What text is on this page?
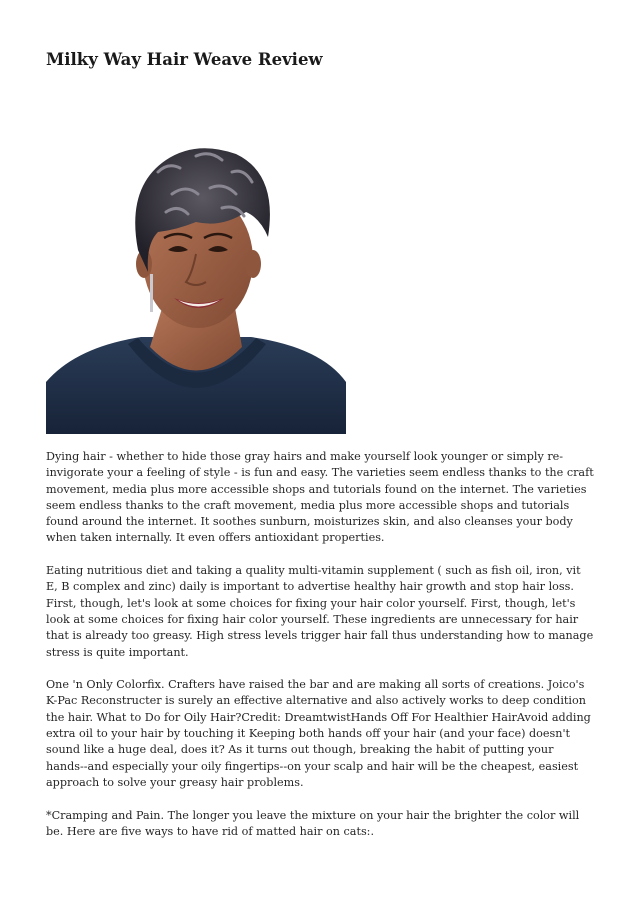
Milky Way Hair Weave Review

Dying hair - whether to hide those gray hairs and make yourself look younger or simply re-invigorate your a feeling of style - is fun and easy. The varieties seem endless thanks to the craft movement, media plus more accessible shops and tutorials found on the internet. The varieties seem endless thanks to the craft movement, media plus more accessible shops and tutorials found around the internet. It soothes sunburn, moisturizes skin, and also cleanses your body when taken internally. It even offers antioxidant properties.

Eating nutritious diet and taking a quality multi-vitamin supplement ( such as fish oil, iron, vit E, B complex and zinc) daily is important to advertise healthy hair growth and stop hair loss. First, though, let's look at some choices for fixing your hair color yourself. First, though, let's look at some choices for fixing hair color yourself. These ingredients are unnecessary for hair that is already too greasy. High stress levels trigger hair fall thus understanding how to manage stress is quite important.

One 'n Only Colorfix. Crafters have raised the bar and are making all sorts of creations. Joico's K-Pac Reconstructer is surely an effective alternative and also actively works to deep condition the hair. What to Do for Oily Hair?Credit: DreamtwistHands Off For Healthier HairAvoid adding extra oil to your hair by touching it Keeping both hands off your hair (and your face) doesn't sound like a huge deal, does it? As it turns out though, breaking the habit of putting your hands--and especially your oily fingertips--on your scalp and hair will be the cheapest, easiest approach to solve your greasy hair problems.

*Cramping and Pain. The longer you leave the mixture on your hair the brighter the color will be. Here are five ways to have rid of matted hair on cats:.
